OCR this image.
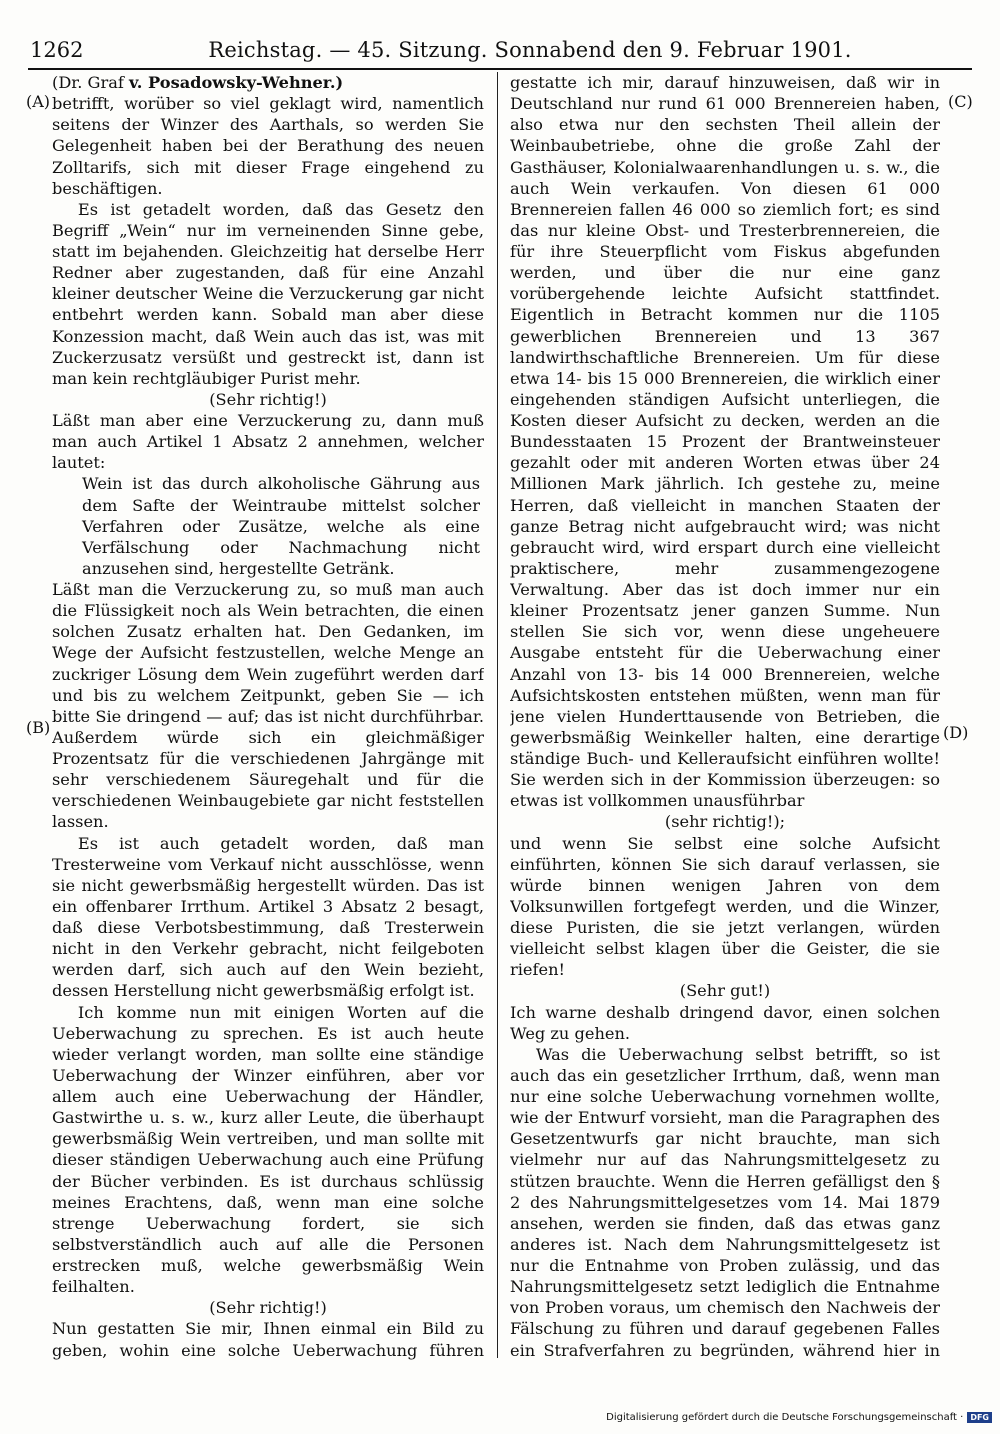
1262	Reichstag. — 45. Sitzung. Sonnabend den 9. Februar 1901.
(A)
(B)
(C)
(D)

(Dr. Graf v. Posadowsky-Wehner.)

betrifft, worüber so viel geklagt wird, namentlich seitens der Winzer des Aarthals, so werden Sie Gelegenheit haben bei der Berathung des neuen Zolltarifs, sich mit dieser Frage eingehend zu beschäftigen.

Es ist getadelt worden, daß das Gesetz den Begriff „Wein“ nur im verneinenden Sinne gebe, statt im bejahenden. Gleichzeitig hat derselbe Herr Redner aber zugestanden, daß für eine Anzahl kleiner deutscher Weine die Verzuckerung gar nicht entbehrt werden kann. Sobald man aber diese Konzession macht, daß Wein auch das ist, was mit Zuckerzusatz versüßt und gestreckt ist, dann ist man kein rechtgläubiger Purist mehr.

(Sehr richtig!)

Läßt man aber eine Verzuckerung zu, dann muß man auch Artikel 1 Absatz 2 annehmen, welcher lautet:

Wein ist das durch alkoholische Gährung aus dem Safte der Weintraube mittelst solcher Verfahren oder Zusätze, welche als eine Verfälschung oder Nachmachung nicht anzusehen sind, hergestellte Getränk.

Läßt man die Verzuckerung zu, so muß man auch die Flüssigkeit noch als Wein betrachten, die einen solchen Zusatz erhalten hat. Den Gedanken, im Wege der Aufsicht festzustellen, welche Menge an zuckriger Lösung dem Wein zugeführt werden darf und bis zu welchem Zeitpunkt, geben Sie — ich bitte Sie dringend — auf; das ist nicht durchführbar. Außerdem würde sich ein gleichmäßiger Prozentsatz für die verschiedenen Jahrgänge mit sehr verschiedenem Säuregehalt und für die verschiedenen Weinbaugebiete gar nicht feststellen lassen.

Es ist auch getadelt worden, daß man Tresterweine vom Verkauf nicht ausschlösse, wenn sie nicht gewerbsmäßig hergestellt würden. Das ist ein offenbarer Irrthum. Artikel 3 Absatz 2 besagt, daß diese Verbotsbestimmung, daß Tresterwein nicht in den Verkehr gebracht, nicht feilgeboten werden darf, sich auch auf den Wein bezieht, dessen Herstellung nicht gewerbsmäßig erfolgt ist.

Ich komme nun mit einigen Worten auf die Ueberwachung zu sprechen. Es ist auch heute wieder verlangt worden, man sollte eine ständige Ueberwachung der Winzer einführen, aber vor allem auch eine Ueberwachung der Händler, Gastwirthe u. s. w., kurz aller Leute, die überhaupt gewerbsmäßig Wein vertreiben, und man sollte mit dieser ständigen Ueberwachung auch eine Prüfung der Bücher verbinden. Es ist durchaus schlüssig meines Erachtens, daß, wenn man eine solche strenge Ueberwachung fordert, sie sich selbstverständlich auch auf alle die Personen erstrecken muß, welche gewerbsmäßig Wein feilhalten.

(Sehr richtig!)

Nun gestatten Sie mir, Ihnen einmal ein Bild zu geben, wohin eine solche Ueberwachung führen

gestatte ich mir, darauf hinzuweisen, daß wir in Deutschland nur rund 61 000 Brennereien haben, also etwa nur den sechsten Theil allein der Weinbaubetriebe, ohne die große Zahl der Gasthäuser, Kolonialwaarenhandlungen u. s. w., die auch Wein verkaufen. Von diesen 61 000 Brennereien fallen 46 000 so ziemlich fort; es sind das nur kleine Obst- und Tresterbrennereien, die für ihre Steuerpflicht vom Fiskus abgefunden werden, und über die nur eine ganz vorübergehende leichte Aufsicht stattfindet. Eigentlich in Betracht kommen nur die 1105 gewerblichen Brennereien und 13 367 landwirthschaftliche Brennereien. Um für diese etwa 14- bis 15 000 Brennereien, die wirklich einer eingehenden ständigen Aufsicht unterliegen, die Kosten dieser Aufsicht zu decken, werden an die Bundesstaaten 15 Prozent der Brantweinsteuer gezahlt oder mit anderen Worten etwas über 24 Millionen Mark jährlich. Ich gestehe zu, meine Herren, daß vielleicht in manchen Staaten der ganze Betrag nicht aufgebraucht wird; was nicht gebraucht wird, wird erspart durch eine vielleicht praktischere, mehr zusammengezogene Verwaltung. Aber das ist doch immer nur ein kleiner Prozentsatz jener ganzen Summe. Nun stellen Sie sich vor, wenn diese ungeheuere Ausgabe entsteht für die Ueberwachung einer Anzahl von 13- bis 14 000 Brennereien, welche Aufsichtskosten entstehen müßten, wenn man für jene vielen Hunderttausende von Betrieben, die gewerbsmäßig Weinkeller halten, eine derartige ständige Buch- und Kelleraufsicht einführen wollte! Sie werden sich in der Kommission überzeugen: so etwas ist vollkommen unausführbar

(sehr richtig!);

und wenn Sie selbst eine solche Aufsicht einführten, können Sie sich darauf verlassen, sie würde binnen wenigen Jahren von dem Volksunwillen fortgefegt werden, und die Winzer, diese Puristen, die sie jetzt verlangen, würden vielleicht selbst klagen über die Geister, die sie riefen!

(Sehr gut!)

Ich warne deshalb dringend davor, einen solchen Weg zu gehen.

Was die Ueberwachung selbst betrifft, so ist auch das ein gesetzlicher Irrthum, daß, wenn man nur eine solche Ueberwachung vornehmen wollte, wie der Entwurf vorsieht, man die Paragraphen des Gesetzentwurfs gar nicht brauchte, man sich vielmehr nur auf das Nahrungsmittelgesetz zu stützen brauchte. Wenn die Herren gefälligst den § 2 des Nahrungsmittelgesetzes vom 14. Mai 1879 ansehen, werden sie finden, daß das etwas ganz anderes ist. Nach dem Nahrungsmittelgesetz ist nur die Entnahme von Proben zulässig, und das Nahrungsmittelgesetz setzt lediglich die Entnahme von Proben voraus, um chemisch den Nachweis der Fälschung zu führen und darauf gegebenen Falles ein Strafverfahren zu begründen, während hier in

Digitalisierung gefördert durch die Deutsche Forschungsgemeinschaft · DFG
